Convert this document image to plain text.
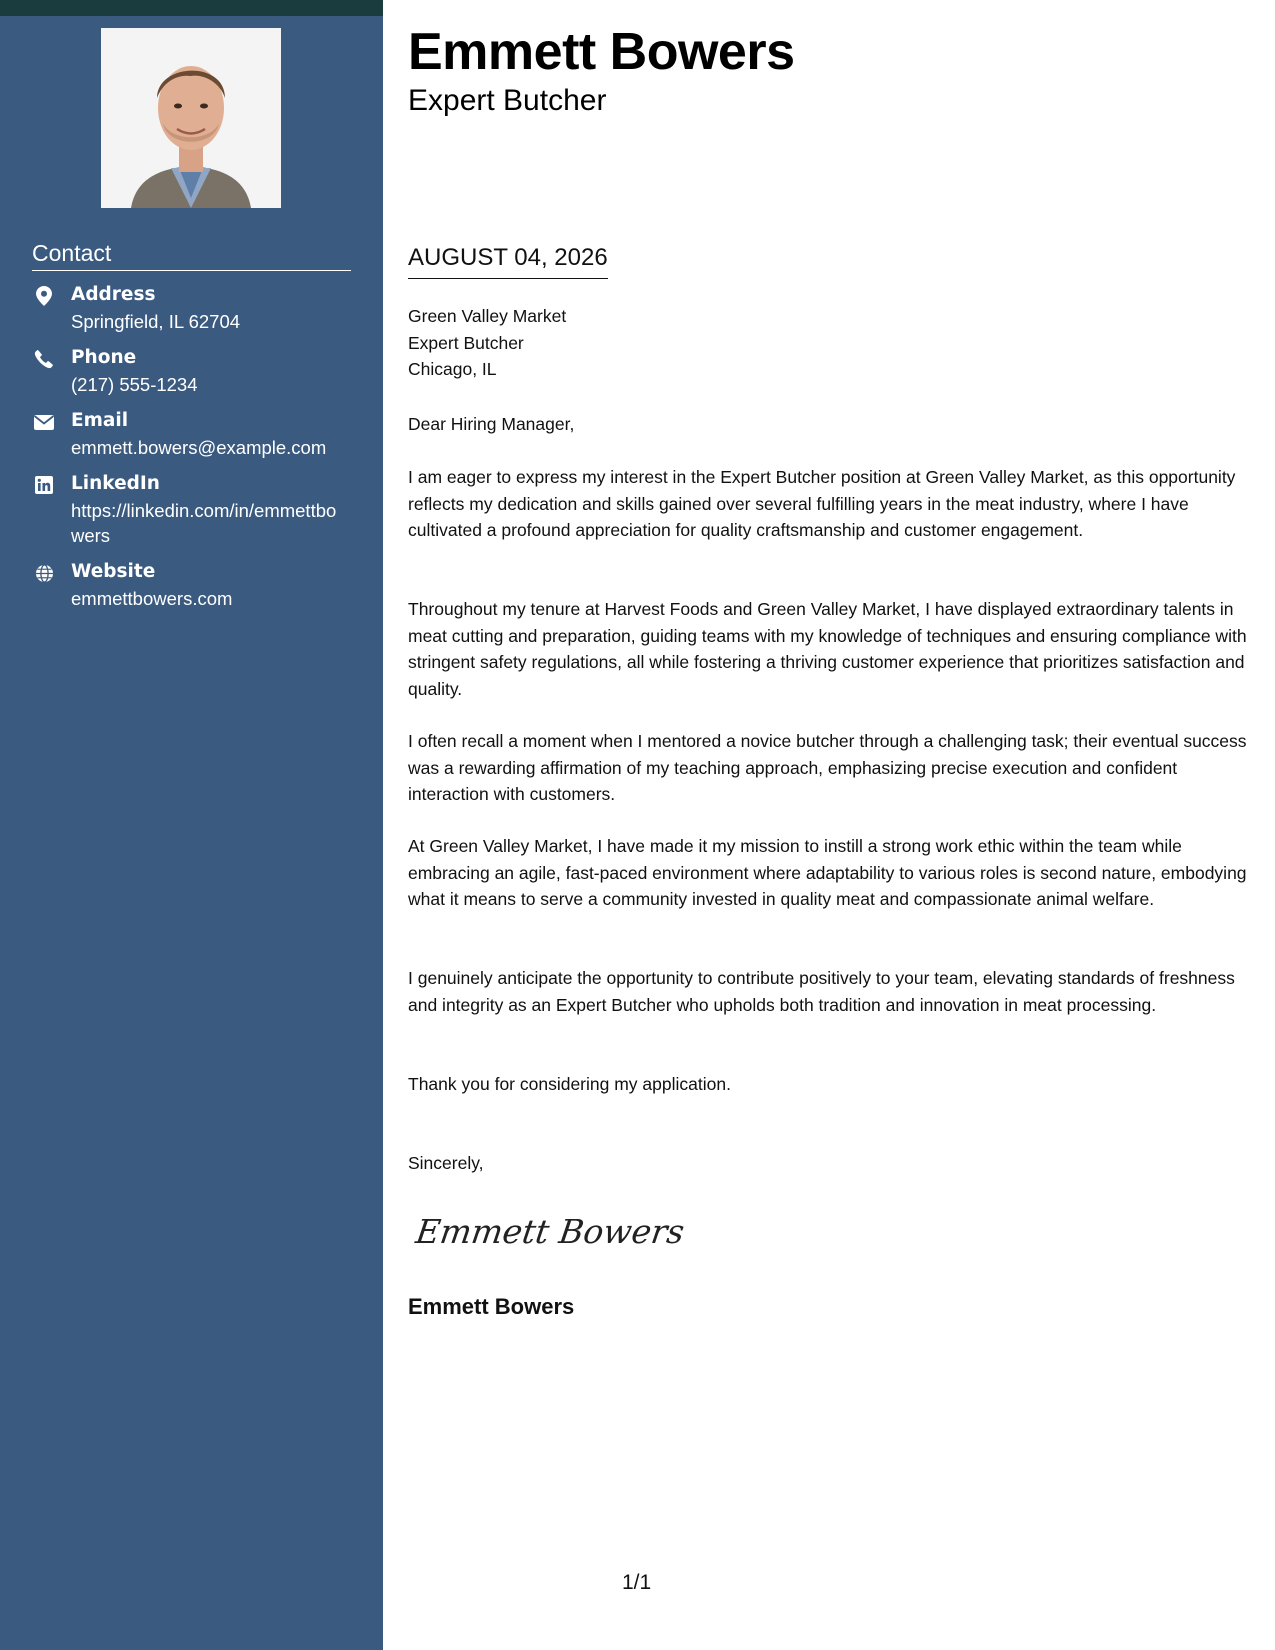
Contact
Address
Springfield, IL 62704
Phone
(217) 555-1234
Email
emmett.bowers@example.com
LinkedIn
https://linkedin.com/in/emmettbowers
Website
emmettbowers.com
Emmett Bowers
Expert Butcher
AUGUST 04, 2026
Green Valley Market
Expert Butcher
Chicago, IL
Dear Hiring Manager,

I am eager to express my interest in the Expert Butcher position at Green Valley Market, as this opportunity reflects my dedication and skills gained over several fulfilling years in the meat industry, where I have cultivated a profound appreciation for quality craftsmanship and customer engagement.

Throughout my tenure at Harvest Foods and Green Valley Market, I have displayed extraordinary talents in meat cutting and preparation, guiding teams with my knowledge of techniques and ensuring compliance with stringent safety regulations, all while fostering a thriving customer experience that prioritizes satisfaction and quality.

I often recall a moment when I mentored a novice butcher through a challenging task; their eventual success was a rewarding affirmation of my teaching approach, emphasizing precise execution and confident interaction with customers.

At Green Valley Market, I have made it my mission to instill a strong work ethic within the team while embracing an agile, fast-paced environment where adaptability to various roles is second nature, embodying what it means to serve a community invested in quality meat and compassionate animal welfare.

I genuinely anticipate the opportunity to contribute positively to your team, elevating standards of freshness and integrity as an Expert Butcher who upholds both tradition and innovation in meat processing.

Thank you for considering my application.
Sincerely,
Emmett Bowers
Emmett Bowers
1/1
